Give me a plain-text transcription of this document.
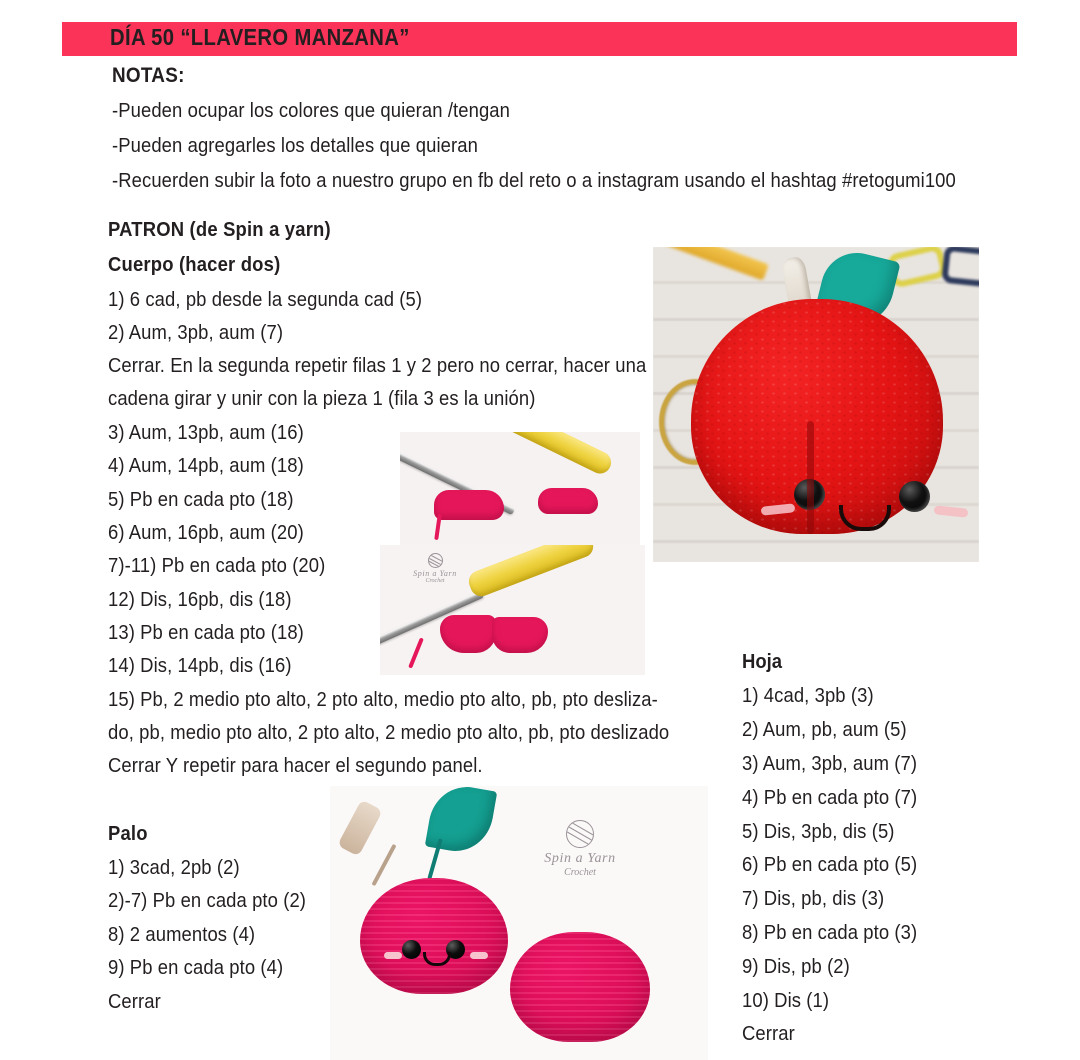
DÍA 50 “LLAVERO MANZANA”
NOTAS:
-Pueden ocupar los colores que quieran /tengan
-Pueden agregarles los detalles que quieran
-Recuerden subir la foto a nuestro grupo en fb del reto o a instagram usando el hashtag #retogumi100
PATRON (de Spin a yarn)
Cuerpo (hacer dos)
1) 6 cad, pb desde la segunda cad (5)
2) Aum, 3pb, aum (7)
Cerrar. En la segunda repetir filas 1 y 2 pero no cerrar, hacer una
cadena girar y unir con la pieza 1 (fila 3 es la unión)
3) Aum, 13pb, aum (16)
4) Aum, 14pb, aum (18)
5) Pb en cada pto (18)
6) Aum, 16pb, aum (20)
7)-11) Pb en cada pto (20)
12) Dis, 16pb, dis (18)
13) Pb en cada pto (18)
14) Dis, 14pb, dis (16)
15) Pb, 2 medio pto alto, 2 pto alto, medio pto alto, pb, pto desliza-
do, pb, medio pto alto, 2 pto alto, 2 medio pto alto, pb, pto deslizado
Cerrar Y repetir para hacer el segundo panel.
Palo
1) 3cad, 2pb (2)
2)-7) Pb en cada pto (2)
8) 2 aumentos (4)
9) Pb en cada pto (4)
Cerrar
Hoja
1) 4cad, 3pb (3)
2) Aum, pb, aum (5)
3) Aum, 3pb, aum (7)
4) Pb en cada pto (7)
5) Dis, 3pb, dis (5)
6) Pb en cada pto (5)
7) Dis, pb, dis (3)
8) Pb en cada pto (3)
9) Dis, pb (2)
10) Dis (1)
Cerrar
Spin a Yarn
Crochet
Spin a Yarn
Crochet
